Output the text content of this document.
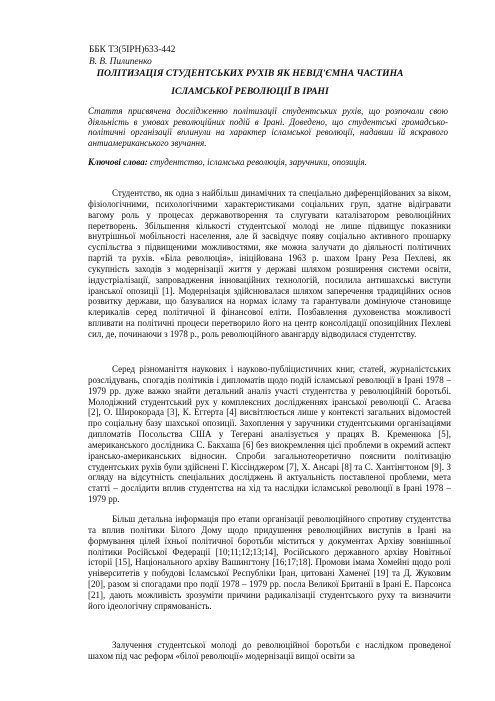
ББК Т3(5ІРН)633-442
В. В. Пилипенко
ПОЛІТИЗАЦІЯ СТУДЕНТСЬКИХ РУХІВ ЯК НЕВІД'ЄМНА ЧАСТИНА
ІСЛАМСЬКОЇ РЕВОЛЮЦІЇ В ІРАНІ

Стаття присвячена дослідженню політизації студентських рухів, що розпочали свою діяльність в умовах революційних подій в Ірані. Доведено, що студентські громадсько-політичні організації вплинули на характер ісламської революції, надавши їй яскравого антиамериканського звучання.

Ключові слова: студентство, ісламська революція, заручники, опозиція.

Студентство, як одна з найбільш динамічних та спеціально диференційованих за віком, фізіологічними, психологічними характеристиками соціальних груп, здатне відігравати вагому роль у процесах державотворення та слугувати каталізатором революційних перетворень. Збільшення кількості студентської молоді не лише підвищує показники внутрішньої мобільності населення, але й засвідчує появу соціально активного прошарку суспільства з підвищеними можливостями, яке можна залучати до діяльності політичних партій та рухів. «Біла революція», ініційована 1963 р. шахом Ірану Реза Пехлеві, як сукупність заходів з модернізації життя у державі шляхом розширення системи освіти, індустріалізації, запровадження інноваційних технологій, посилила антишахські виступи іранської опозиції [1]. Модернізація здійснювалася шляхом заперечення традиційних основ розвитку держави, що базувалися на нормах ісламу та гарантували домінуюче становище клерикалів серед політичної й фінансової еліти. Позбавлення духовенства можливості впливати на політичні процеси перетворило його на центр консолідації опозиційних Пехлеві сил, де, починаючи з 1978 р., роль революційного авангарду відводилася студентству.

Серед різноманіття наукових і науково-публіцистичних книг, статей, журналістських розслідувань, спогадів політиків і дипломатів щодо подій ісламської революції в Ірані 1978 – 1979 рр. дуже важко знайти детальний аналіз участі студентства у революційній боротьбі. Молодіжний студентський рух у комплексних дослідженнях іранської революції С. Агаєва [2], О. Широкорада [3], К. Еггерта [4] висвітлюється лише у контексті загальних відомостей про соціальну базу шахської опозиції. Захоплення у заручники студентськими організаціями дипломатів Посольства США у Тегерані аналізується у працях В. Кременюка [5], американського дослідника С. Бакхаша [6] без виокремлення цієї проблеми в окремий аспект ірансько-американських відносин. Спроби загальнотеоретично пояснити політизацію студентських рухів були здійснені Г. Кіссінджером [7], Х. Ансарі [8] та С. Хантінгтоном [9]. З огляду на відсутність спеціальних досліджень й актуальність поставленої проблеми, мета статті – дослідити вплив студентства на хід та наслідки ісламської революції в Ірані 1978 – 1979 рр.

Більш детальна інформація про етапи організації революційного спротиву студентства та вплив політики Білого Дому щодо придушення революційних виступів в Ірані на формування цілей їхньої політичної боротьби міститься у документах Архіву зовнішньої політики Російської Федерації [10;11;12;13;14], Російського державного архіву Новітньої історії [15], Національного архіву Вашингтону [16;17;18]. Промови імама Хомейні щодо ролі університетів у побудові Ісламської Республіки Іран, цитовані Хаменеї [19] та Д. Жуковим [20], разом зі спогадами про події 1978 – 1979 рр. посла Великої Британії в Ірані Е. Парсонса [21], дають можливість зрозуміти причини радикалізації студентського руху та визначити його ідеологічну спрямованість.

Залучення студентської молоді до революційної боротьби є наслідком проведеної шахом під час реформ «білої революції» модернізації вищої освіти за
